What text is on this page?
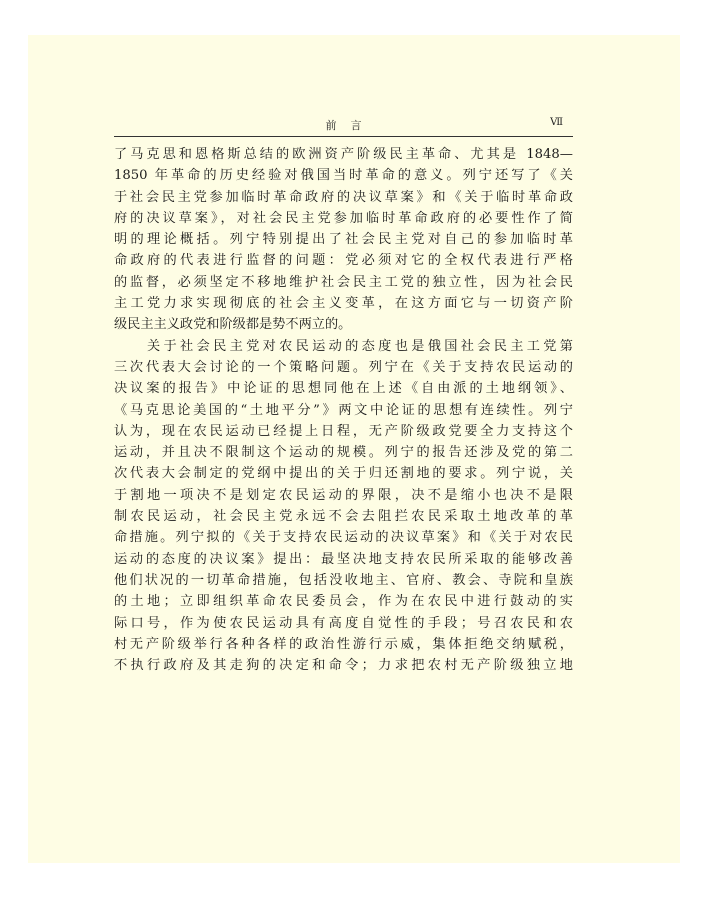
前言	Ⅶ
了马克思和恩格斯总结的欧洲资产阶级民主革命、尤其是 1848—
1850 年革命的历史经验对俄国当时革命的意义。列宁还写了《关
于社会民主党参加临时革命政府的决议草案》和《关于临时革命政
府的决议草案》，对社会民主党参加临时革命政府的必要性作了简
明的理论概括。列宁特别提出了社会民主党对自己的参加临时革
命政府的代表进行监督的问题：党必须对它的全权代表进行严格
的监督，必须坚定不移地维护社会民主工党的独立性，因为社会民
主工党力求实现彻底的社会主义变革，在这方面它与一切资产阶
级民主主义政党和阶级都是势不两立的。
　　关于社会民主党对农民运动的态度也是俄国社会民主工党第
三次代表大会讨论的一个策略问题。列宁在《关于支持农民运动的
决议案的报告》中论证的思想同他在上述《自由派的土地纲领》、
《马克思论美国的“土地平分”》两文中论证的思想有连续性。列宁
认为，现在农民运动已经提上日程，无产阶级政党要全力支持这个
运动，并且决不限制这个运动的规模。列宁的报告还涉及党的第二
次代表大会制定的党纲中提出的关于归还割地的要求。列宁说，关
于割地一项决不是划定农民运动的界限，决不是缩小也决不是限
制农民运动，社会民主党永远不会去阻拦农民采取土地改革的革
命措施。列宁拟的《关于支持农民运动的决议草案》和《关于对农民
运动的态度的决议案》提出：最坚决地支持农民所采取的能够改善
他们状况的一切革命措施，包括没收地主、官府、教会、寺院和皇族
的土地；立即组织革命农民委员会，作为在农民中进行鼓动的实
际口号，作为使农民运动具有高度自觉性的手段；号召农民和农
村无产阶级举行各种各样的政治性游行示威，集体拒绝交纳赋税，
不执行政府及其走狗的决定和命令；力求把农村无产阶级独立地
